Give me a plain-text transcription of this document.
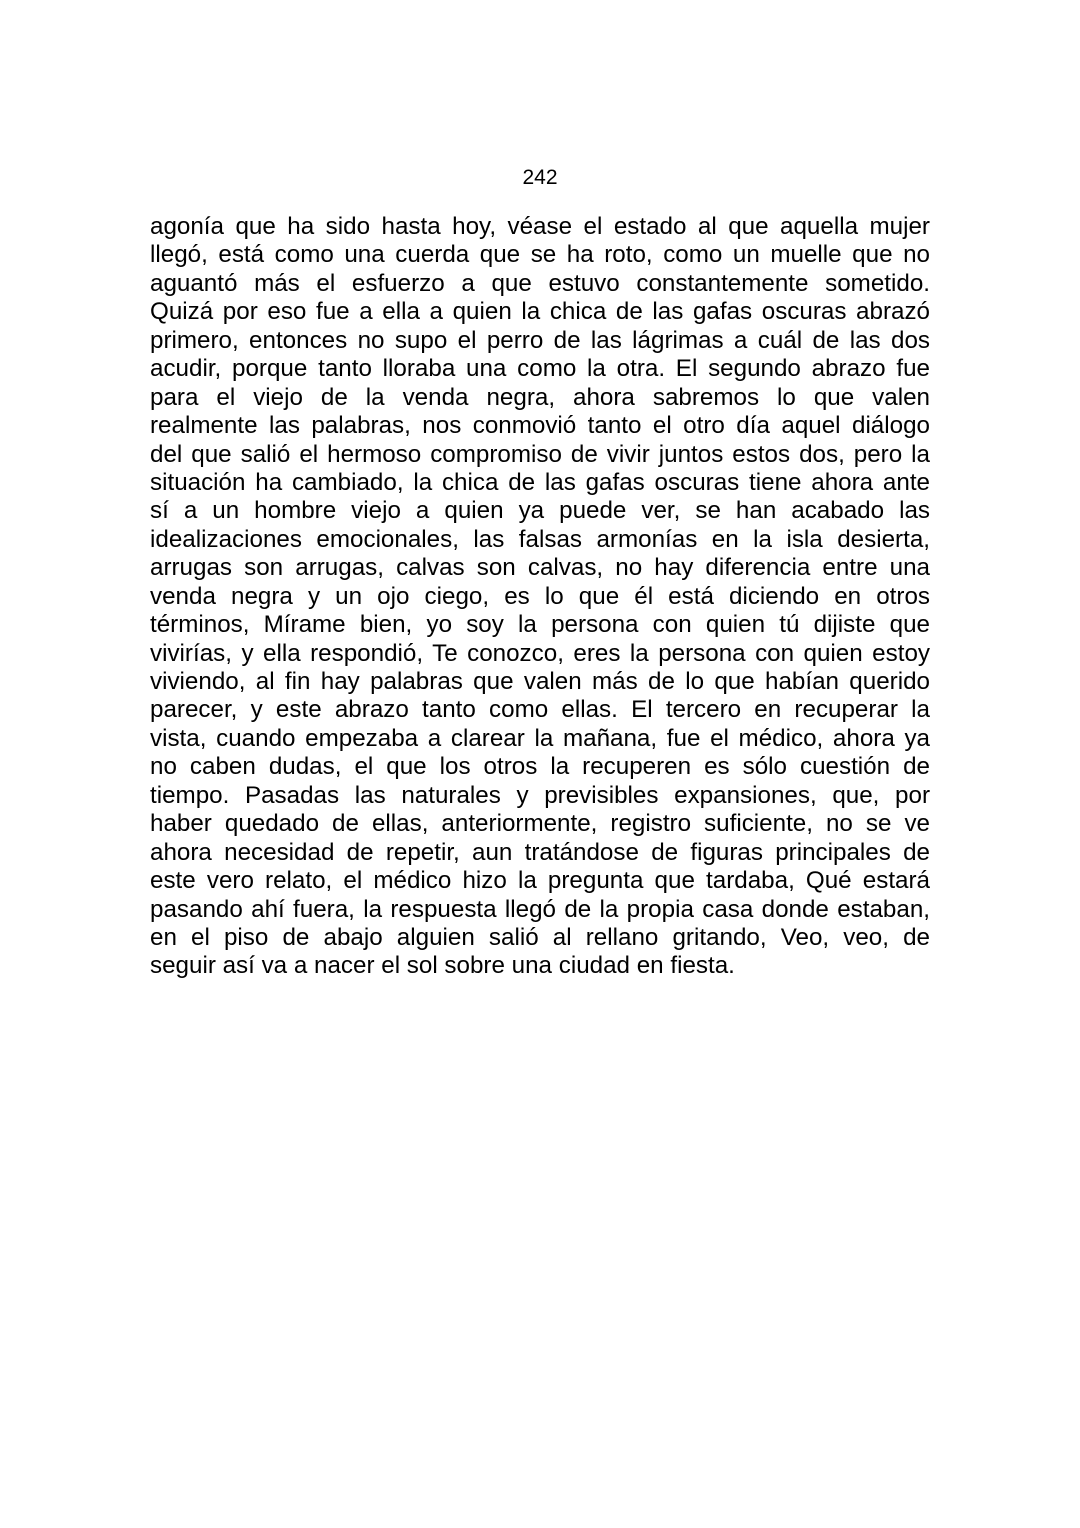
242
agonía que ha sido hasta hoy, véase el estado al que aquella mujer
llegó, está como una cuerda que se ha roto, como un muelle que no
aguantó más el esfuerzo a que estuvo constantemente sometido.
Quizá por eso fue a ella a quien la chica de las gafas oscuras abrazó
primero, entonces no supo el perro de las lágrimas a cuál de las dos
acudir, porque tanto lloraba una como la otra. El segundo abrazo fue
para el viejo de la venda negra, ahora sabremos lo que valen
realmente las palabras, nos conmovió tanto el otro día aquel diálogo
del que salió el hermoso compromiso de vivir juntos estos dos, pero la
situación ha cambiado, la chica de las gafas oscuras tiene ahora ante
sí a un hombre viejo a quien ya puede ver, se han acabado las
idealizaciones emocionales, las falsas armonías en la isla desierta,
arrugas son arrugas, calvas son calvas, no hay diferencia entre una
venda negra y un ojo ciego, es lo que él está diciendo en otros
términos, Mírame bien, yo soy la persona con quien tú dijiste que
vivirías, y ella respondió, Te conozco, eres la persona con quien estoy
viviendo, al fin hay palabras que valen más de lo que habían querido
parecer, y este abrazo tanto como ellas. El tercero en recuperar la
vista, cuando empezaba a clarear la mañana, fue el médico, ahora ya
no caben dudas, el que los otros la recuperen es sólo cuestión de
tiempo. Pasadas las naturales y previsibles expansiones, que, por
haber quedado de ellas, anteriormente, registro suficiente, no se ve
ahora necesidad de repetir, aun tratándose de figuras principales de
este vero relato, el médico hizo la pregunta que tardaba, Qué estará
pasando ahí fuera, la respuesta llegó de la propia casa donde estaban,
en el piso de abajo alguien salió al rellano gritando, Veo, veo, de
seguir así va a nacer el sol sobre una ciudad en fiesta.
